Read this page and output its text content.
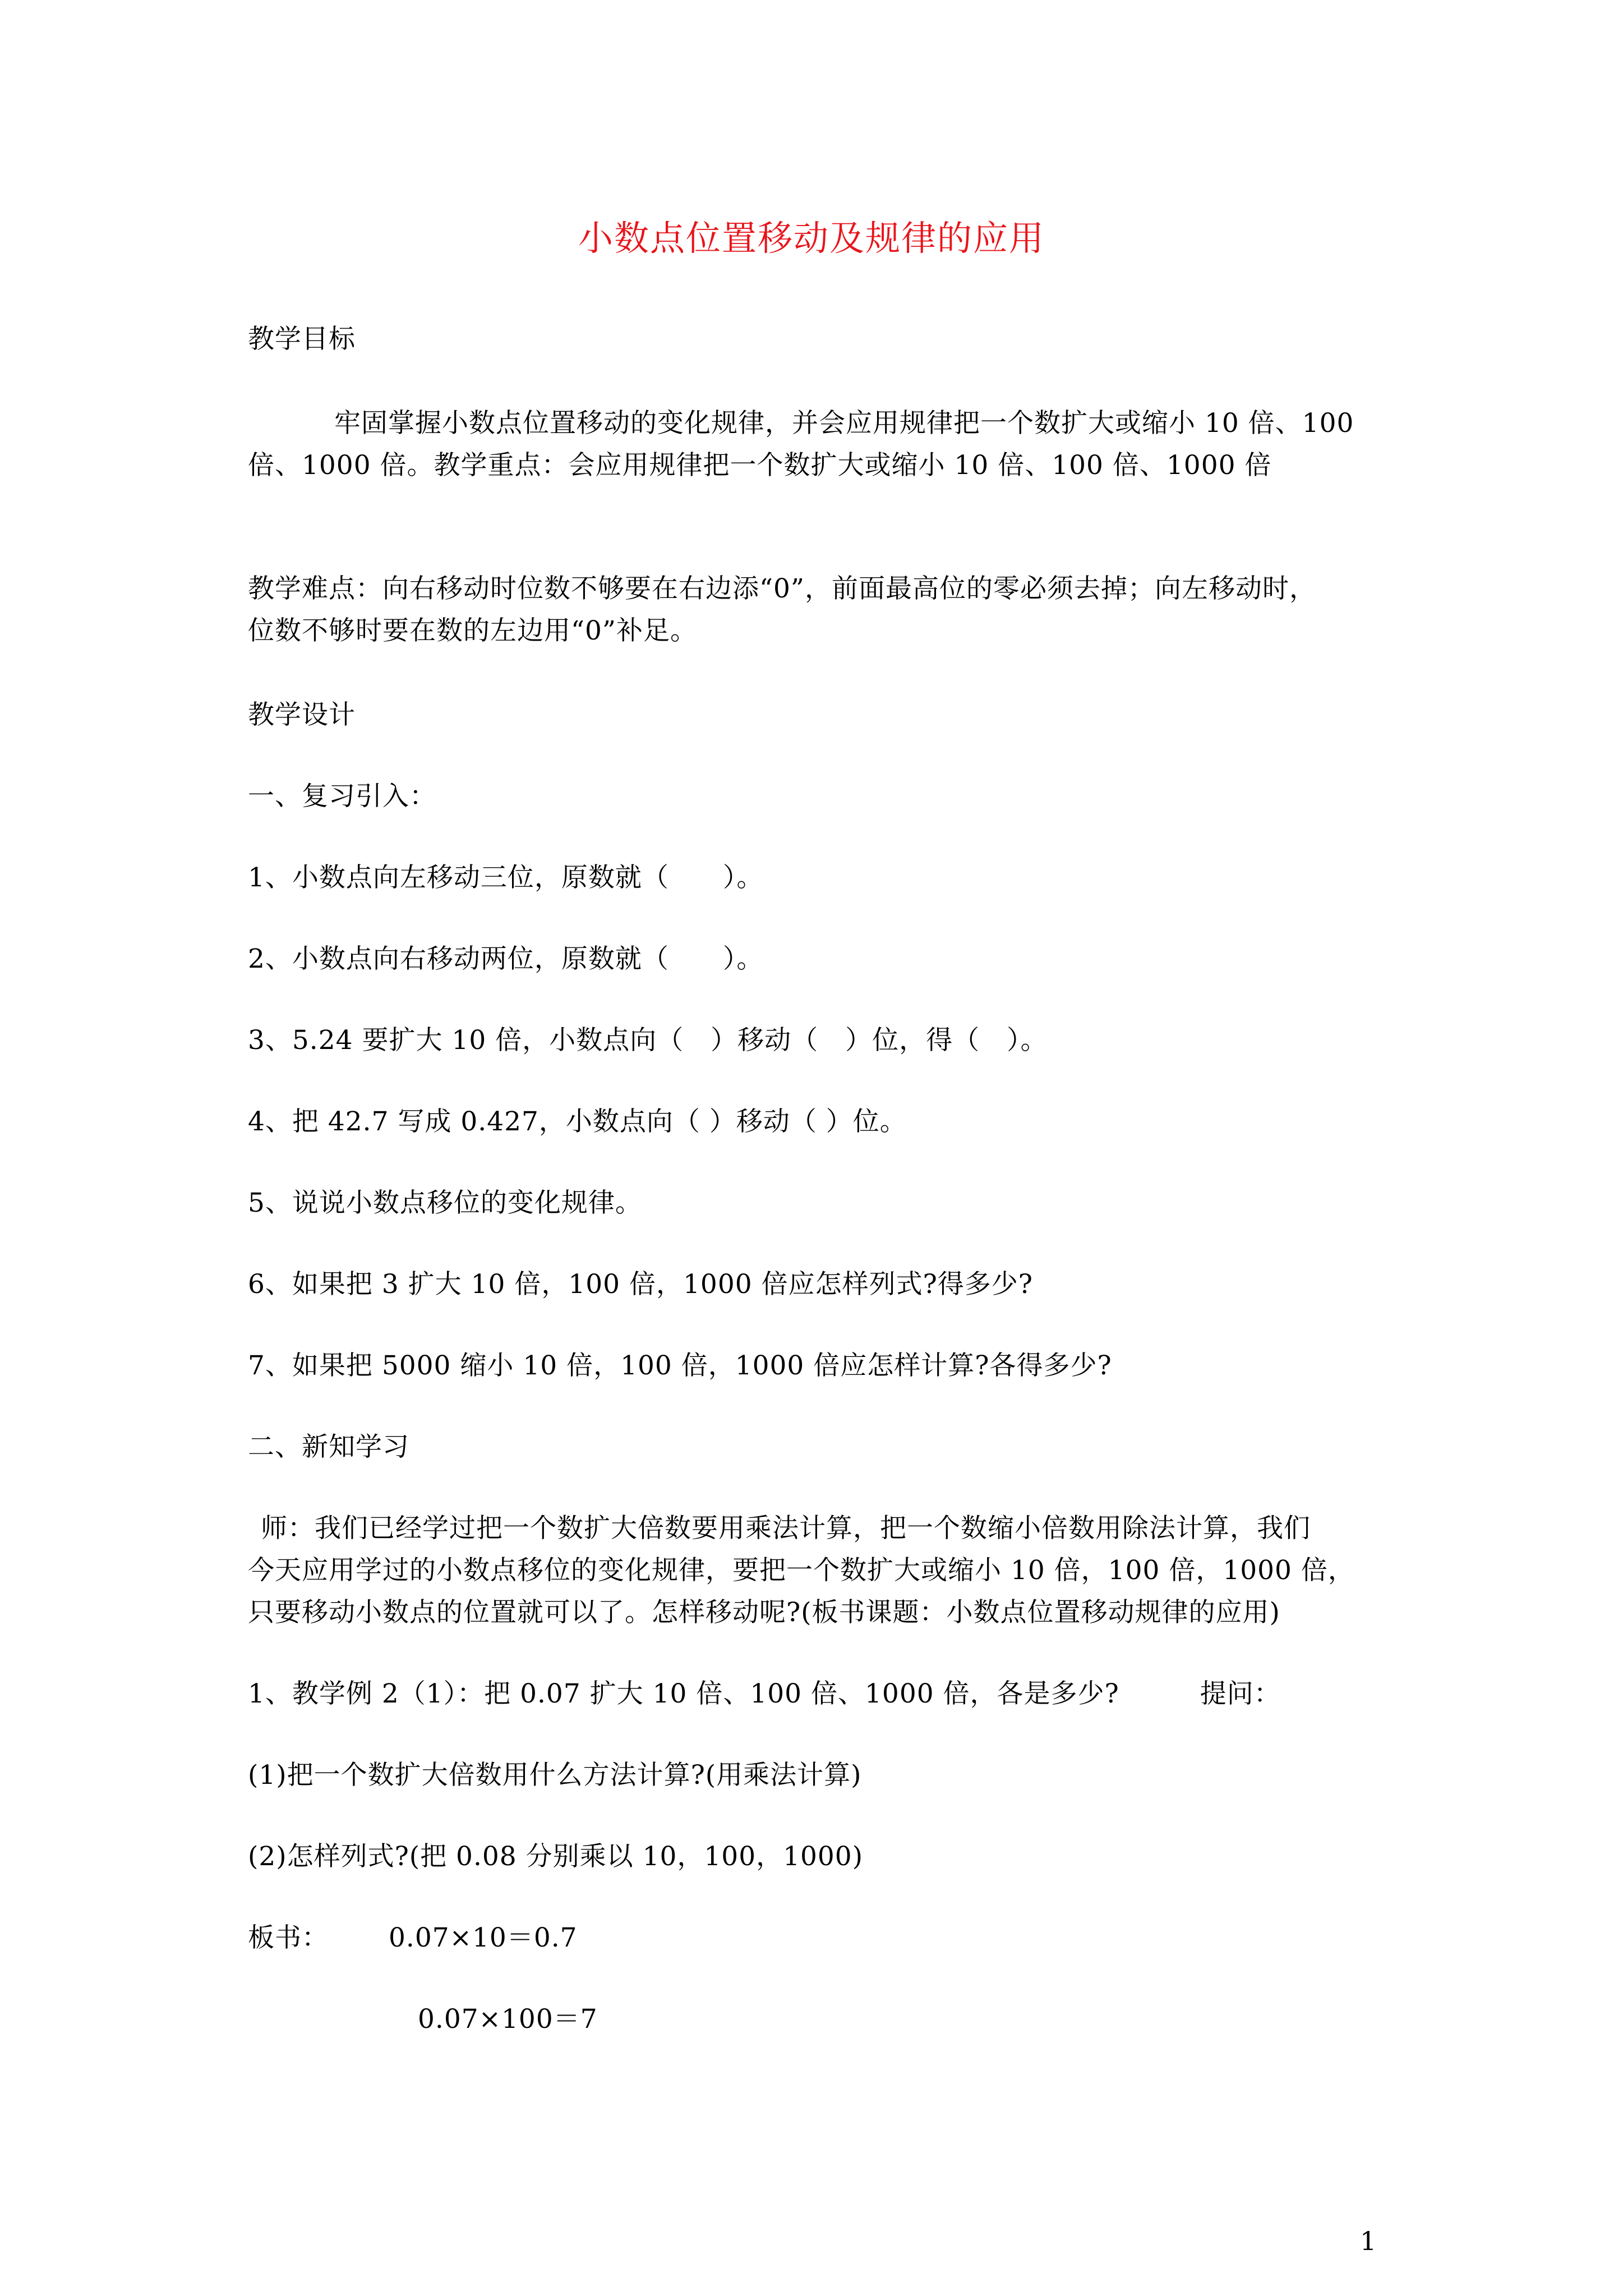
小数点位置移动及规律的应用
教学目标
牢固掌握小数点位置移动的变化规律，并会应用规律把一个数扩大或缩小 10 倍、100
倍、1000 倍。教学重点：会应用规律把一个数扩大或缩小 10 倍、100 倍、1000 倍
教学难点：向右移动时位数不够要在右边添“0”，前面最高位的零必须去掉；向左移动时，
位数不够时要在数的左边用“0”补足。
教学设计
一、复习引入：
1、小数点向左移动三位，原数就（　　）。
2、小数点向右移动两位，原数就（　　）。
3、5.24 要扩大 10 倍，小数点向（　）移动（　）位，得（　）。
4、把 42.7 写成 0.427，小数点向（ ）移动（ ）位。
5、说说小数点移位的变化规律。
6、如果把 3 扩大 10 倍，100 倍，1000 倍应怎样列式?得多少?
7、如果把 5000 缩小 10 倍，100 倍，1000 倍应怎样计算?各得多少?
二、新知学习
师：我们已经学过把一个数扩大倍数要用乘法计算，把一个数缩小倍数用除法计算，我们
今天应用学过的小数点移位的变化规律，要把一个数扩大或缩小 10 倍，100 倍，1000 倍，
只要移动小数点的位置就可以了。怎样移动呢?(板书课题：小数点位置移动规律的应用)
1、教学例 2（1）：把 0.07 扩大 10 倍、100 倍、1000 倍，各是多少?　　　提问：
(1)把一个数扩大倍数用什么方法计算?(用乘法计算)
(2)怎样列式?(把 0.08 分别乘以 10，100，1000)
板书： 0.07×10＝0.7
0.07×100＝7
1
